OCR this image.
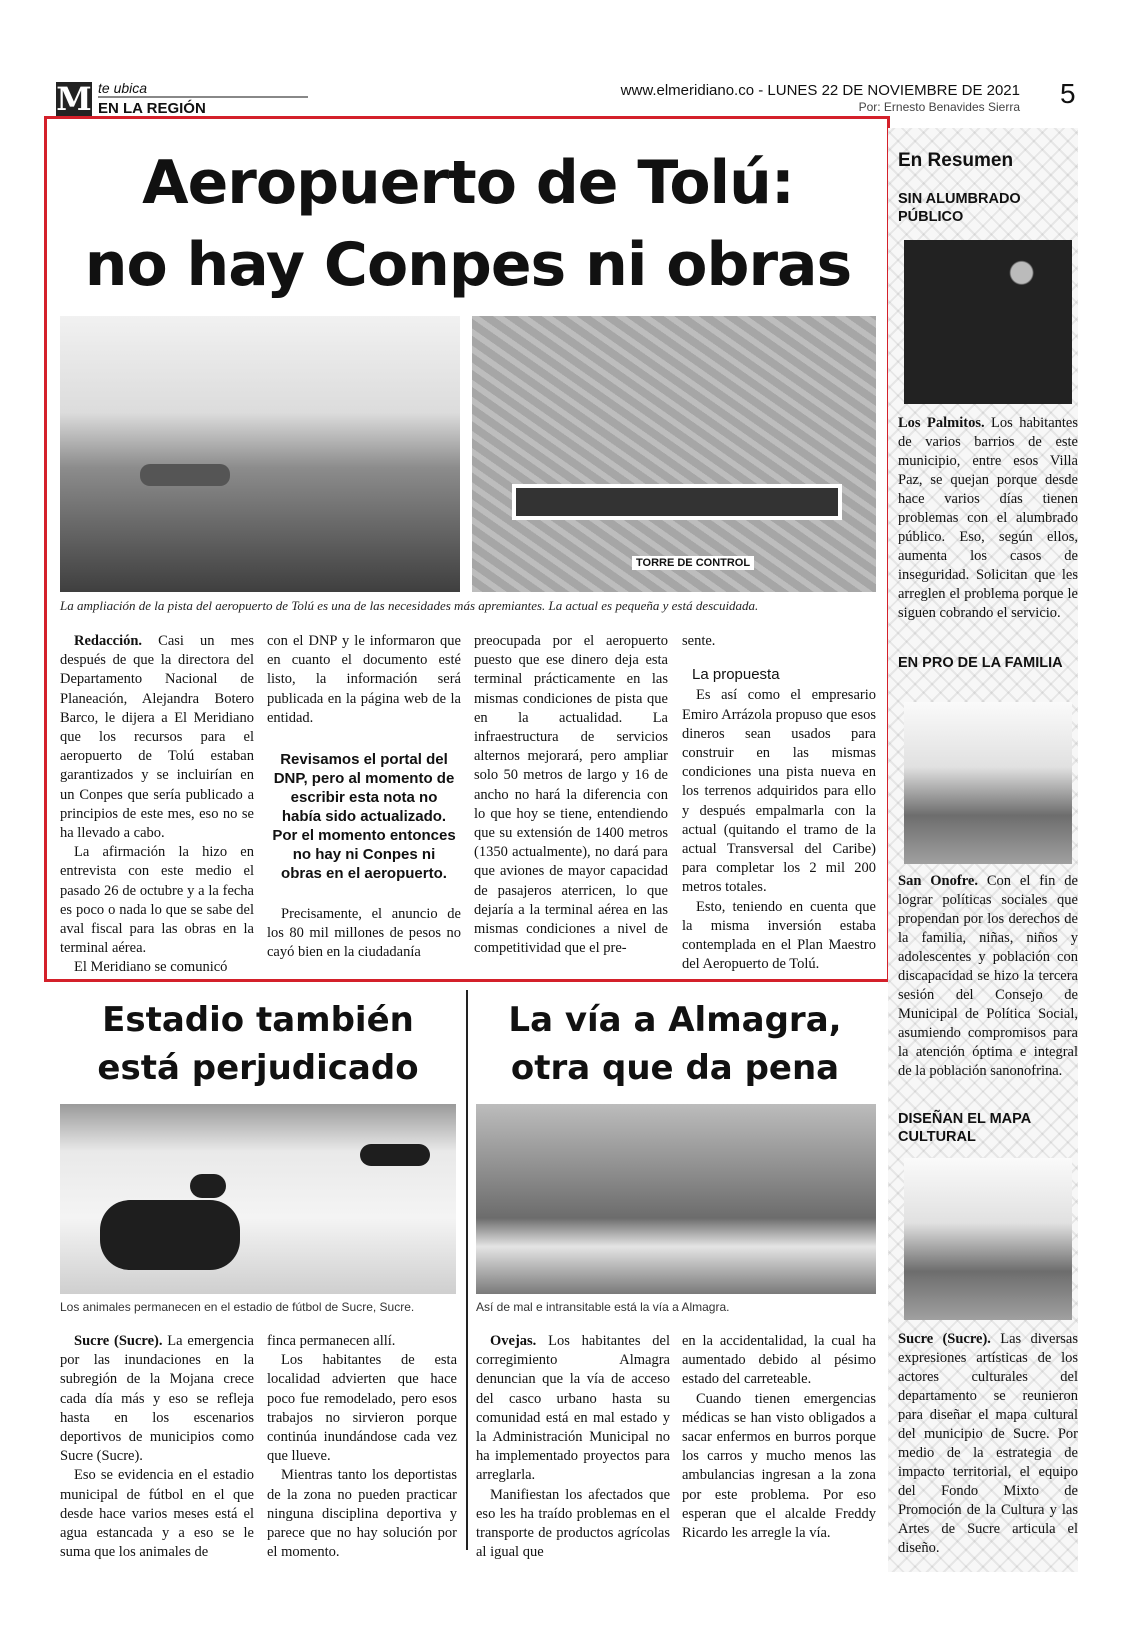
M te ubica
EN LA REGIÓN
www.elmeridiano.co - LUNES 22 DE NOVIEMBRE DE 2021
Por: Ernesto Benavides Sierra 5
Aeropuerto de Tolú:
no hay Conpes ni obras
TORRE DE CONTROL
La ampliación de la pista del aeropuerto de Tolú es una de las necesidades más apremiantes. La actual es pequeña y está descuidada.

Redacción. Casi un mes después de que la directora del Departamento Nacional de Planeación, Alejandra Botero Barco, le dijera a El Meridiano que los recursos para el aeropuerto de Tolú estaban garantizados y se incluirían en un Conpes que sería publicado a principios de este mes, eso no se ha llevado a cabo.

La afirmación la hizo en entrevista con este medio el pasado 26 de octubre y a la fecha es poco o nada lo que se sabe del aval fiscal para las obras en la terminal aérea.

El Meridiano se comunicó

con el DNP y le informaron que en cuanto el documento esté listo, la información será publicada en la página web de la entidad.

Revisamos el portal del DNP, pero al momento de escribir esta nota no había sido actualizado. Por el momento entonces no hay ni Conpes ni obras en el aeropuerto.

Precisamente, el anuncio de los 80 mil millones de pesos no cayó bien en la ciudadanía

preocupada por el aeropuerto puesto que ese dinero deja esta terminal prácticamente en las mismas condiciones de pista que en la actualidad. La infraestructura de servicios alternos mejorará, pero ampliar solo 50 metros de largo y 16 de ancho no hará la diferencia con lo que hoy se tiene, entendiendo que su extensión de 1400 metros (1350 actualmente), no dará para que aviones de mayor capacidad de pasajeros aterricen, lo que dejaría a la terminal aérea en las mismas condiciones a nivel de competitividad que el pre-

sente.

La propuesta

Es así como el empresario Emiro Arrázola propuso que esos dineros sean usados para construir en las mismas condiciones una pista nueva en los terrenos adquiridos para ello y después empalmarla con la actual (quitando el tramo de la actual Transversal del Caribe) para completar los 2 mil 200 metros totales.

Esto, teniendo en cuenta que la misma inversión estaba contemplada en el Plan Maestro del Aeropuerto de Tolú.

Estadio también
está perjudicado
Los animales permanecen en el estadio de fútbol de Sucre, Sucre.

Sucre (Sucre). La emergencia por las inundaciones en la subregión de la Mojana crece cada día más y eso se refleja hasta en los escenarios deportivos de municipios como Sucre (Sucre).

Eso se evidencia en el estadio municipal de fútbol en el que desde hace varios meses está el agua estancada y a eso se le suma que los animales de

finca permanecen allí.

Los habitantes de esta localidad advierten que hace poco fue remodelado, pero esos trabajos no sirvieron porque continúa inundándose cada vez que llueve.

Mientras tanto los deportistas de la zona no pueden practicar ninguna disciplina deportiva y parece que no hay solución por el momento.

La vía a Almagra,
otra que da pena
Así de mal e intransitable está la vía a Almagra.

Ovejas. Los habitantes del corregimiento Almagra denuncian que la vía de acceso del casco urbano hasta su comunidad está en mal estado y la Administración Municipal no ha implementado proyectos para arreglarla.

Manifiestan los afectados que eso les ha traído problemas en el transporte de productos agrícolas al igual que

en la accidentalidad, la cual ha aumentado debido al pésimo estado del carreteable.

Cuando tienen emergencias médicas se han visto obligados a sacar enfermos en burros porque los carros y mucho menos las ambulancias ingresan a la zona por este problema. Por eso esperan que el alcalde Freddy Ricardo les arregle la vía.

En Resumen
SIN ALUMBRADO PÚBLICO
Los Palmitos. Los habitantes de varios barrios de este municipio, entre esos Villa Paz, se quejan porque desde hace varios días tienen problemas con el alumbrado público. Eso, según ellos, aumenta los casos de inseguridad. Solicitan que les arreglen el problema porque le siguen cobrando el servicio.
EN PRO DE LA FAMILIA
San Onofre. Con el fin de lograr políticas sociales que propendan por los derechos de la familia, niñas, niños y adolescentes y población con discapacidad se hizo la tercera sesión del Consejo de Municipal de Política Social, asumiendo compromisos para la atención óptima e integral de la población sanonofrina.
DISEÑAN EL MAPA CULTURAL
Sucre (Sucre). Las diversas expresiones artísticas de los actores culturales del departamento se reunieron para diseñar el mapa cultural del municipio de Sucre. Por medio de la estrategia de impacto territorial, el equipo del Fondo Mixto de Promoción de la Cultura y las Artes de Sucre articula el diseño.
